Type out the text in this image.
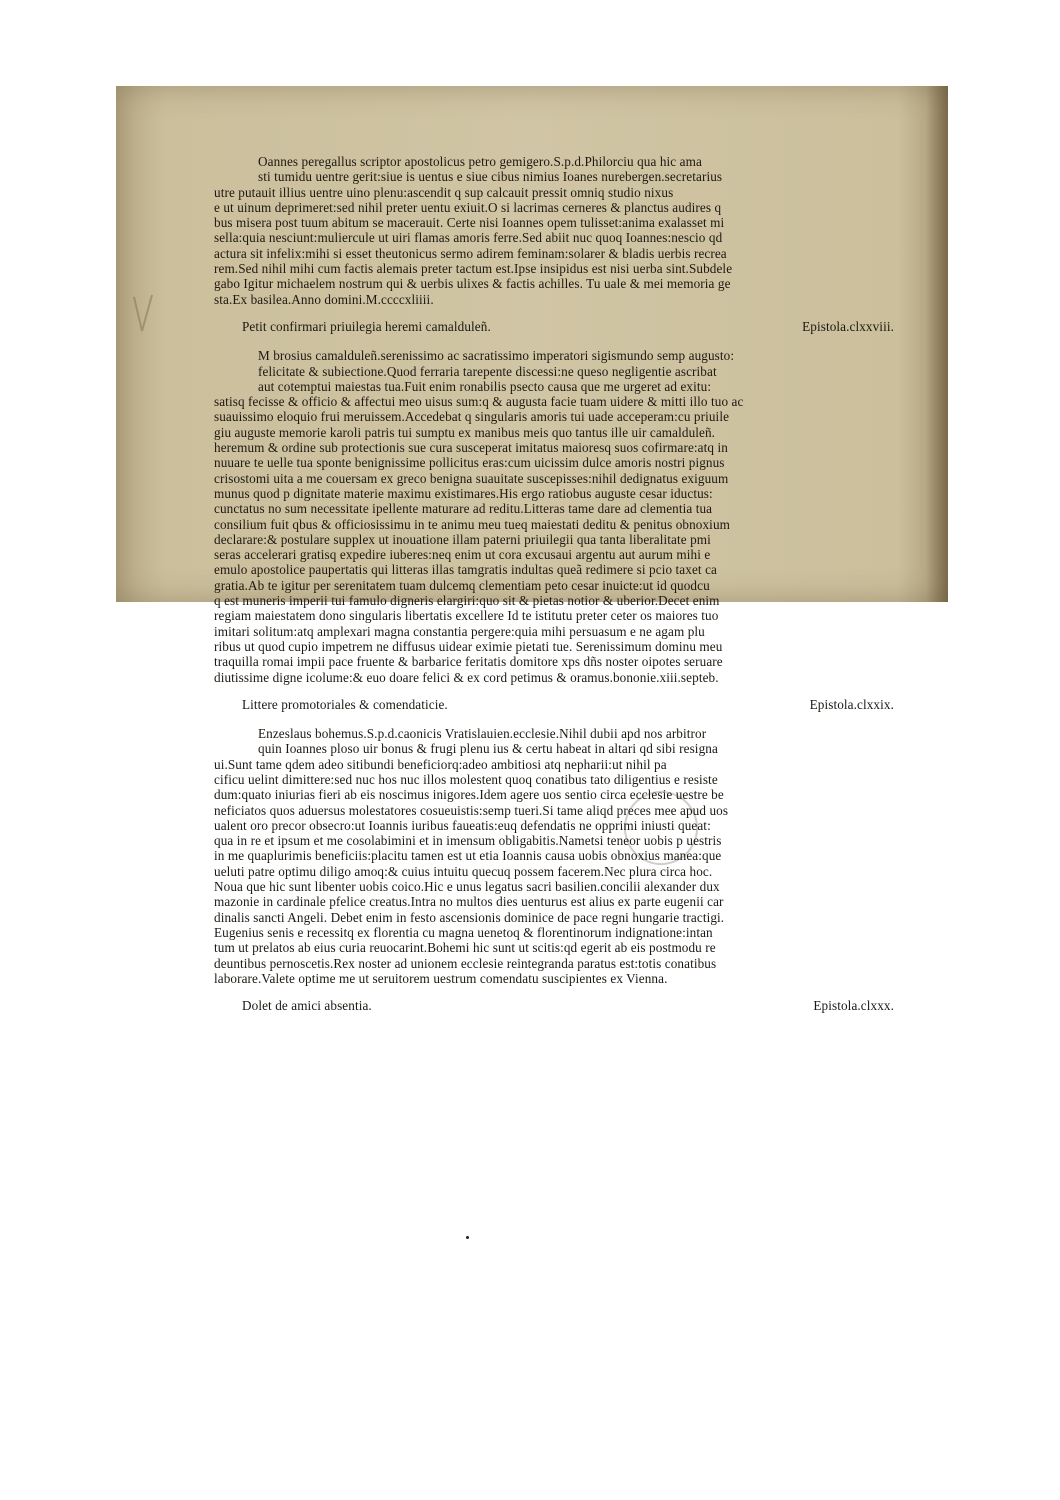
Oannes peregallus scriptor apostolicus petro gemigero.S.p.d.Philorciu qua hic ama
sti tumidu uentre gerit:siue is uentus e siue cibus nimius Ioanes nurebergen.secretarius
utre putauit illius uentre uino plenu:ascendit q sup calcauit pressit omniq studio nixus
e ut uinum deprimeret:sed nihil preter uentu exiuit.O si lacrimas cerneres & planctus audires q
bus misera post tuum abitum se macerauit. Certe nisi Ioannes opem tulisset:anima exalasset mi
sella:quia nesciunt:muliercule ut uiri flamas amoris ferre.Sed abiit nuc quoq Ioannes:nescio qd
actura sit infelix:mihi si esset theutonicus sermo adirem feminam:solarer & bladis uerbis recrea
rem.Sed nihil mihi cum factis alemais preter tactum est.Ipse insipidus est nisi uerba sint.Subdele
gabo Igitur michaelem nostrum qui & uerbis ulixes & factis achilles. Tu uale & mei memoria ge
sta.Ex basilea.Anno domini.M.ccccxliiii.
Petit confirmari priuilegia heremi camalduleñ.	Epistola.clxxviii.
M brosius camalduleñ.serenissimo ac sacratissimo imperatori sigismundo semp augusto:
felicitate & subiectione.Quod ferraria tarepente discessi:ne queso negligentie ascribat
aut cotemptui maiestas tua.Fuit enim ronabilis psecto causa que me urgeret ad exitu:
satisq fecisse & officio & affectui meo uisus sum:q & augusta facie tuam uidere & mitti illo tuo ac
suauissimo eloquio frui meruissem.Accedebat q singularis amoris tui uade acceperam:cu priuile
giu auguste memorie karoli patris tui sumptu ex manibus meis quo tantus ille uir camalduleñ.
heremum & ordine sub protectionis sue cura susceperat imitatus maioresq suos cofirmare:atq in
nuuare te uelle tua sponte benignissime pollicitus eras:cum uicissim dulce amoris nostri pignus
crisostomi uita a me couersam ex greco benigna suauitate suscepisses:nihil dedignatus exiguum
munus quod p dignitate materie maximu existimares.His ergo ratiobus auguste cesar iductus:
cunctatus no sum necessitate ipellente maturare ad reditu.Litteras tame dare ad clementia tua
consilium fuit qbus & officiosissimu in te animu meu tueq maiestati deditu & penitus obnoxium
declarare:& postulare supplex ut inouatione illam paterni priuilegii qua tanta liberalitate pmi
seras accelerari gratisq expedire iuberes:neq enim ut cora excusaui argentu aut aurum mihi e
emulo apostolice paupertatis qui litteras illas tamgratis indultas queã redimere si pcio taxet ca
gratia.Ab te igitur per serenitatem tuam dulcemq clementiam peto cesar inuicte:ut id quodcu
q est muneris imperii tui famulo digneris elargiri:quo sit & pietas notior & uberior.Decet enim
regiam maiestatem dono singularis libertatis excellere Id te istitutu preter ceter os maiores tuo
imitari solitum:atq amplexari magna constantia pergere:quia mihi persuasum e ne agam plu
ribus ut quod cupio impetrem ne diffusus uidear eximie pietati tue. Serenissimum dominu meu
traquilla romai impii pace fruente & barbarice feritatis domitore xps dñs noster oipotes seruare
diutissime digne icolume:& euo doare felici & ex cord petimus & oramus.bononie.xiii.septeb.
Littere promotoriales & comendaticie.	Epistola.clxxix.
Enzeslaus bohemus.S.p.d.caonicis Vratislauien.ecclesie.Nihil dubii apd nos arbitror
quin Ioannes ploso uir bonus & frugi plenu ius & certu habeat in altari qd sibi resigna
ui.Sunt tame qdem adeo sitibundi beneficiorq:adeo ambitiosi atq nepharii:ut nihil pa
cificu uelint dimittere:sed nuc hos nuc illos molestent quoq conatibus tato diligentius e resiste
dum:quato iniurias fieri ab eis noscimus inigores.Idem agere uos sentio circa ecclesie uestre be
neficiatos quos aduersus molestatores cosueuistis:semp tueri.Si tame aliqd preces mee apud uos
ualent oro precor obsecro:ut Ioannis iuribus faueatis:euq defendatis ne opprimi iniusti queat:
qua in re et ipsum et me cosolabimini et in imensum obligabitis.Nametsi teneor uobis p uestris
in me quaplurimis beneficiis:placitu tamen est ut etia Ioannis causa uobis obnoxius manea:que
ueluti patre optimu diligo amoq:& cuius intuitu quecuq possem facerem.Nec plura circa hoc.
Noua que hic sunt libenter uobis coico.Hic e unus legatus sacri basilien.concilii alexander dux
mazonie in cardinale pfelice creatus.Intra no multos dies uenturus est alius ex parte eugenii car
dinalis sancti Angeli. Debet enim in festo ascensionis dominice de pace regni hungarie tractigi.
Eugenius senis e recessitq ex florentia cu magna uenetoq & florentinorum indignatione:intan
tum ut prelatos ab eius curia reuocarint.Bohemi hic sunt ut scitis:qd egerit ab eis postmodu re
deuntibus pernoscetis.Rex noster ad unionem ecclesie reintegranda paratus est:totis conatibus
laborare.Valete optime me ut seruitorem uestrum comendatu suscipientes ex Vienna.
Dolet de amici absentia.	Epistola.clxxx.
